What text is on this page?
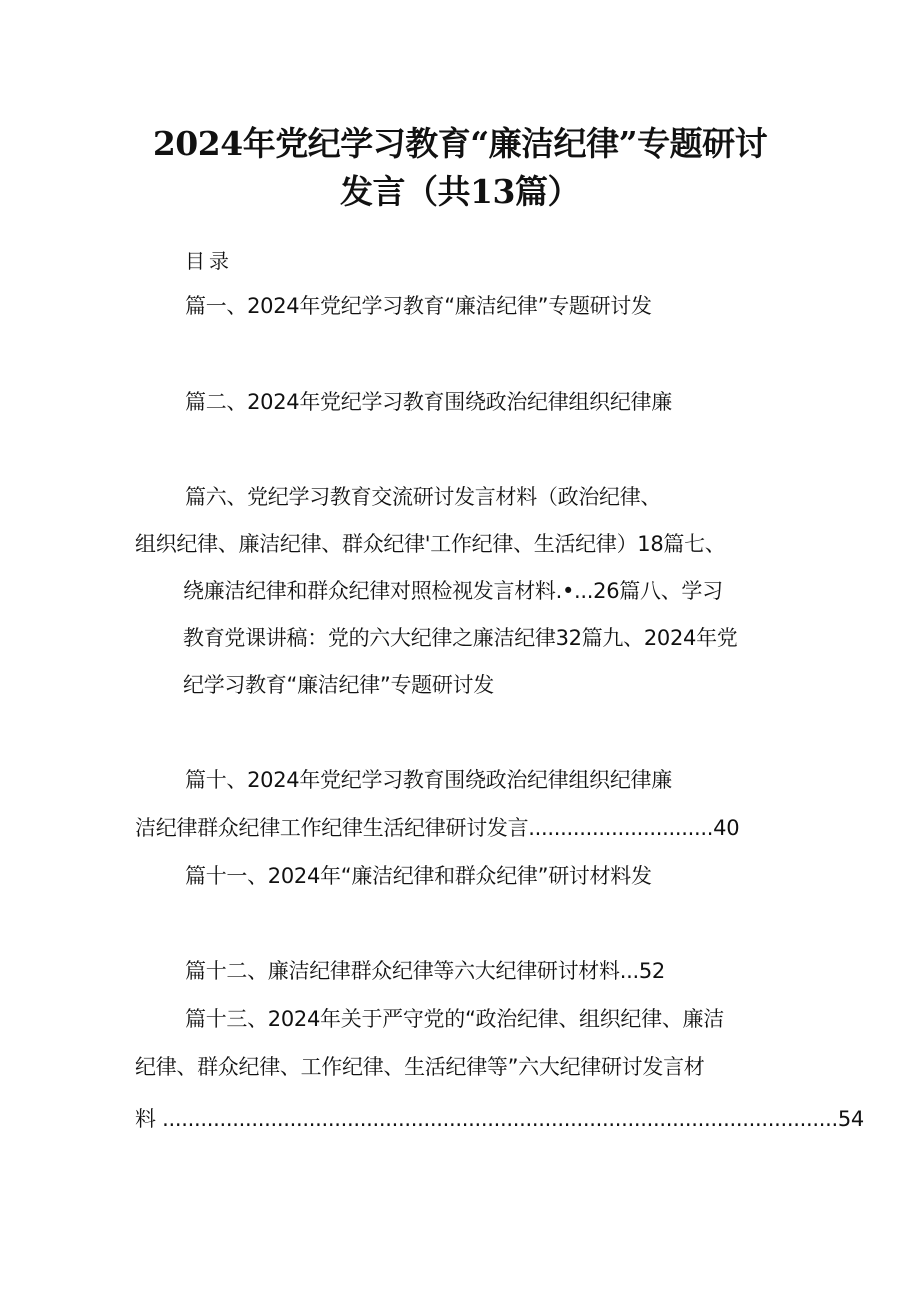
2024年党纪学习教育“廉洁纪律”专题研讨
发言（共13篇）
目录
篇一、2024年党纪学习教育“廉洁纪律”专题研讨发
篇二、2024年党纪学习教育围绕政治纪律组织纪律廉
篇六、党纪学习教育交流研讨发言材料（政治纪律、
组织纪律、廉洁纪律、群众纪律'工作纪律、生活纪律）18篇七、
绕廉洁纪律和群众纪律对照检视发言材料.•...26篇八、学习
教育党课讲稿：党的六大纪律之廉洁纪律32篇九、2024年党
纪学习教育“廉洁纪律”专题研讨发
篇十、2024年党纪学习教育围绕政治纪律组织纪律廉
洁纪律群众纪律工作纪律生活纪律研讨发言.............................40
篇十一、2024年“廉洁纪律和群众纪律”研讨材料发
篇十二、廉洁纪律群众纪律等六大纪律研讨材料...52
篇十三、2024年关于严守党的“政治纪律、组织纪律、廉洁
纪律、群众纪律、工作纪律、生活纪律等”六大纪律研讨发言材
料 ..........................................................................................................54
